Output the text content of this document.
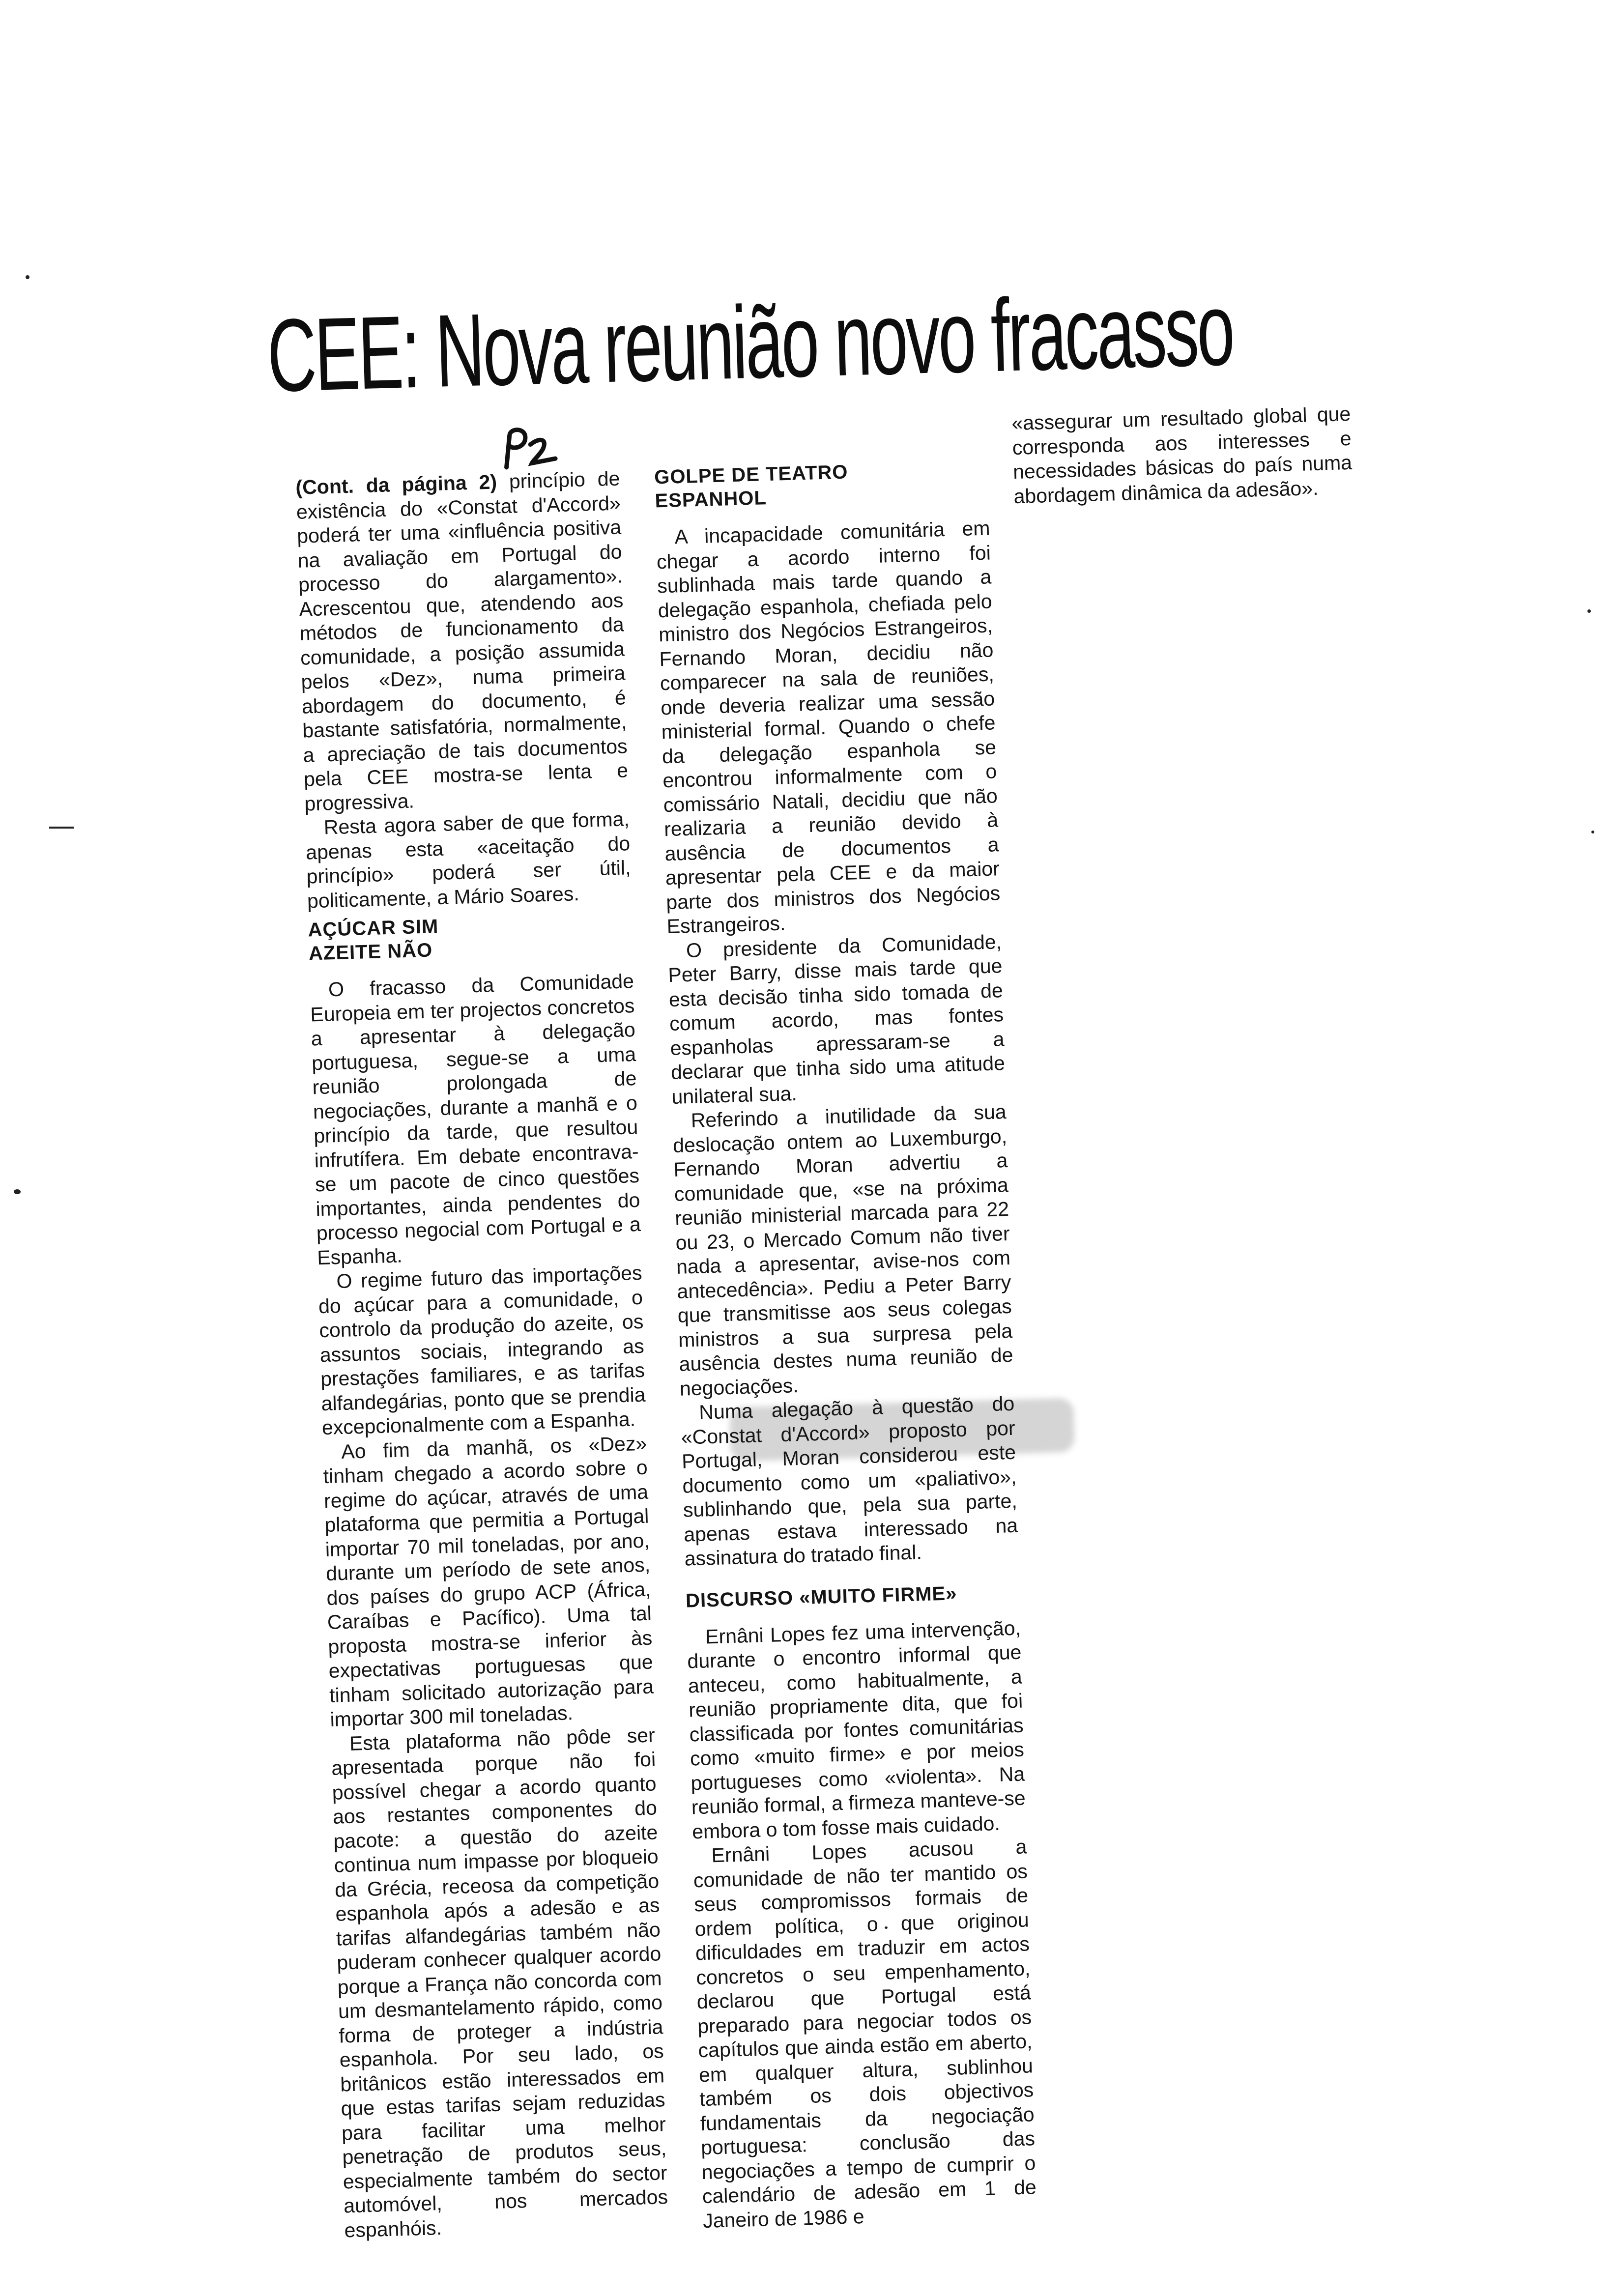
CEE: Nova reunião novo fracasso

(Cont. da página 2) princípio de existência do «Constat d'Accord» poderá ter uma «influência positiva na avaliação em Portugal do processo do alargamento». Acrescentou que, atendendo aos métodos de funcionamento da comunidade, a posição assumida pelos «Dez», numa primeira abordagem do documento, é bastante satisfatória, normalmente, a apreciação de tais documentos pela CEE mostra-se lenta e progressiva.

Resta agora saber de que forma, apenas esta «aceitação do princípio» poderá ser útil, politicamente, a Mário Soares.

AÇÚCAR SIM
AZEITE NÃO

O fracasso da Comunidade Europeia em ter projectos concretos a apresentar à delegação portuguesa, segue-se a uma reunião prolongada de negociações, durante a manhã e o princípio da tarde, que resultou infrutífera. Em debate encontrava-se um pacote de cinco questões importantes, ainda pendentes do processo negocial com Portugal e a Espanha.

O regime futuro das importações do açúcar para a comunidade, o controlo da produção do azeite, os assuntos sociais, integrando as prestações familiares, e as tarifas alfandegárias, ponto que se prendia excepcionalmente com a Espanha.

Ao fim da manhã, os «Dez» tinham chegado a acordo sobre o regime do açúcar, através de uma plataforma que permitia a Portugal importar 70 mil toneladas, por ano, durante um período de sete anos, dos países do grupo ACP (África, Caraíbas e Pacífico). Uma tal proposta mostra-se inferior às expectativas portuguesas que tinham solicitado autorização para importar 300 mil toneladas.

Esta plataforma não pôde ser apresentada porque não foi possível chegar a acordo quanto aos restantes componentes do pacote: a questão do azeite continua num impasse por bloqueio da Grécia, receosa da competição espanhola após a adesão e as tarifas alfandegárias também não puderam conhecer qualquer acordo porque a França não concorda com um desmantelamento rápido, como forma de proteger a indústria espanhola. Por seu lado, os britânicos estão interessados em que estas tarifas sejam reduzidas para facilitar uma melhor penetração de produtos seus, especialmente também do sector automóvel, nos mercados espanhóis.

GOLPE DE TEATRO
ESPANHOL

A incapacidade comunitária em chegar a acordo interno foi sublinhada mais tarde quando a delegação espanhola, chefiada pelo ministro dos Negócios Estrangeiros, Fernando Moran, decidiu não comparecer na sala de reuniões, onde deveria realizar uma sessão ministerial formal. Quando o chefe da delegação espanhola se encontrou informalmente com o comissário Natali, decidiu que não realizaria a reunião devido à ausência de documentos a apresentar pela CEE e da maior parte dos ministros dos Negócios Estrangeiros.

O presidente da Comunidade, Peter Barry, disse mais tarde que esta decisão tinha sido tomada de comum acordo, mas fontes espanholas apressaram-se a declarar que tinha sido uma atitude unilateral sua.

Referindo a inutilidade da sua deslocação ontem ao Luxemburgo, Fernando Moran advertiu a comunidade que, «se na próxima reunião ministerial marcada para 22 ou 23, o Mercado Comum não tiver nada a apresentar, avise-nos com antecedência». Pediu a Peter Barry que transmitisse aos seus colegas ministros a sua surpresa pela ausência destes numa reunião de negociações.

Numa alegação à questão do «Constat d'Accord» proposto por Portugal, Moran considerou este documento como um «paliativo», sublinhando que, pela sua parte, apenas estava interessado na assinatura do tratado final.

DISCURSO «MUITO FIRME»

Ernâni Lopes fez uma intervenção, durante o encontro informal que anteceu, como habitualmente, a reunião propriamente dita, que foi classificada por fontes comunitárias como «muito firme» e por meios portugueses como «violenta». Na reunião formal, a firmeza manteve-se embora o tom fosse mais cuidado.

Ernâni Lopes acusou a comunidade de não ter mantido os seus compromissos formais de ordem política, o que originou dificuldades em traduzir em actos concretos o seu empenhamento, declarou que Portugal está preparado para negociar todos os capítulos que ainda estão em aberto, em qualquer altura, sublinhou também os dois objectivos fundamentais da negociação portuguesa: conclusão das negociações a tempo de cumprir o calendário de adesão em 1 de Janeiro de 1986 e

«assegurar um resultado global que corresponda aos interesses e necessidades básicas do país numa abordagem dinâmica da adesão».
